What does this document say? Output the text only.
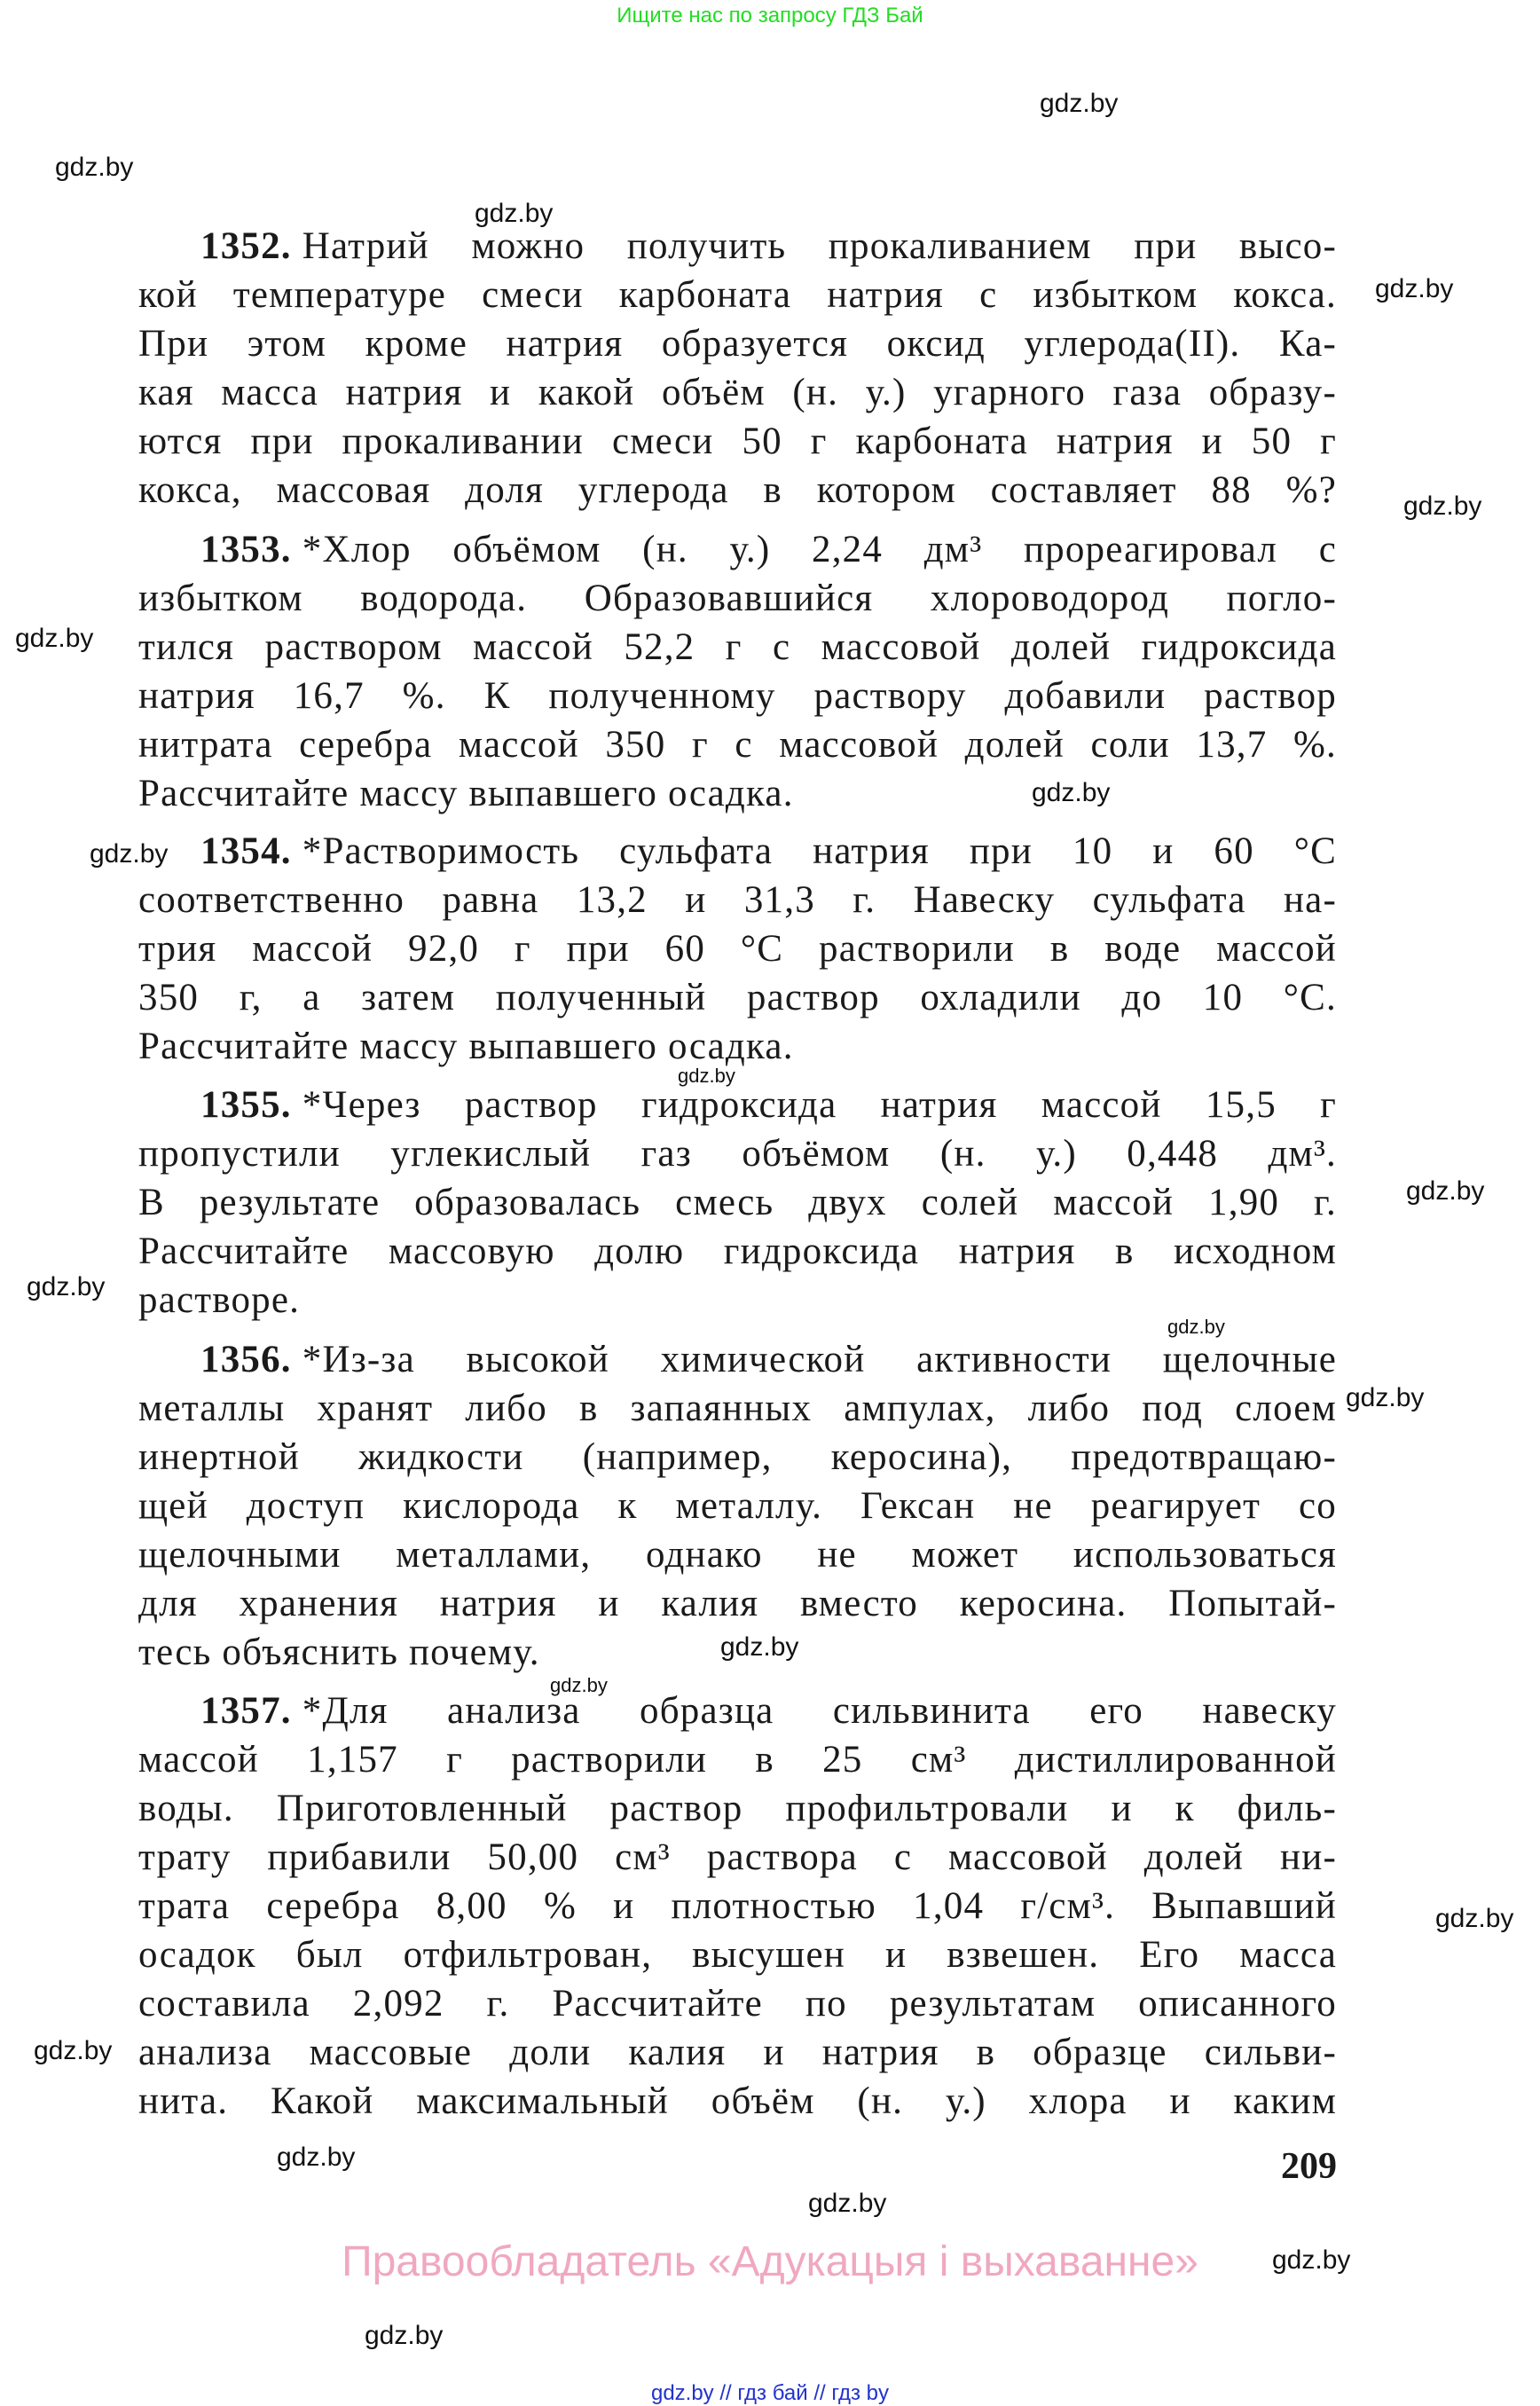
Ищите нас по запросу ГДЗ Бай
1352. Натрий можно получить прокаливанием при высо-
кой температуре смеси карбоната натрия с избытком кокса.
При этом кроме натрия образуется оксид углерода(II). Ка-
кая масса натрия и какой объём (н. у.) угарного газа образу-
ются при прокаливании смеси 50 г карбоната натрия и 50 г
кокса, массовая доля углерода в котором составляет 88 %?
1353. *Хлор объёмом (н. у.) 2,24 дм³ прореагировал с
избытком водорода. Образовавшийся хлороводород погло-
тился раствором массой 52,2 г с массовой долей гидроксида
натрия 16,7 %. К полученному раствору добавили раствор
нитрата серебра массой 350 г с массовой долей соли 13,7 %.
Рассчитайте массу выпавшего осадка.
1354. *Растворимость сульфата натрия при 10 и 60 °C
соответственно равна 13,2 и 31,3 г. Навеску сульфата на-
трия массой 92,0 г при 60 °C растворили в воде массой
350 г, а затем полученный раствор охладили до 10 °C.
Рассчитайте массу выпавшего осадка.
1355. *Через раствор гидроксида натрия массой 15,5 г
пропустили углекислый газ объёмом (н. у.) 0,448 дм³.
В результате образовалась смесь двух солей массой 1,90 г.
Рассчитайте массовую долю гидроксида натрия в исходном
растворе.
1356. *Из-за высокой химической активности щелочные
металлы хранят либо в запаянных ампулах, либо под слоем
инертной жидкости (например, керосина), предотвращаю-
щей доступ кислорода к металлу. Гексан не реагирует со
щелочными металлами, однако не может использоваться
для хранения натрия и калия вместо керосина. Попытай-
тесь объяснить почему.
1357. *Для анализа образца сильвинита его навеску
массой 1,157 г растворили в 25 см³ дистиллированной
воды. Приготовленный раствор профильтровали и к филь-
трату прибавили 50,00 см³ раствора с массовой долей ни-
трата серебра 8,00 % и плотностью 1,04 г/см³. Выпавший
осадок был отфильтрован, высушен и взвешен. Его масса
составила 2,092 г. Рассчитайте по результатам описанного
анализа массовые доли калия и натрия в образце сильви-
нита. Какой максимальный объём (н. у.) хлора и каким
209
Правообладатель «Адукацыя і выхаванне»
gdz.by // гдз бай // гдз by
gdz.by
gdz.by
gdz.by
gdz.by
gdz.by
gdz.by
gdz.by
gdz.by
gdz.by
gdz.by
gdz.by
gdz.by
gdz.by
gdz.by
gdz.by
gdz.by
gdz.by
gdz.by
gdz.by
gdz.by
gdz.by
